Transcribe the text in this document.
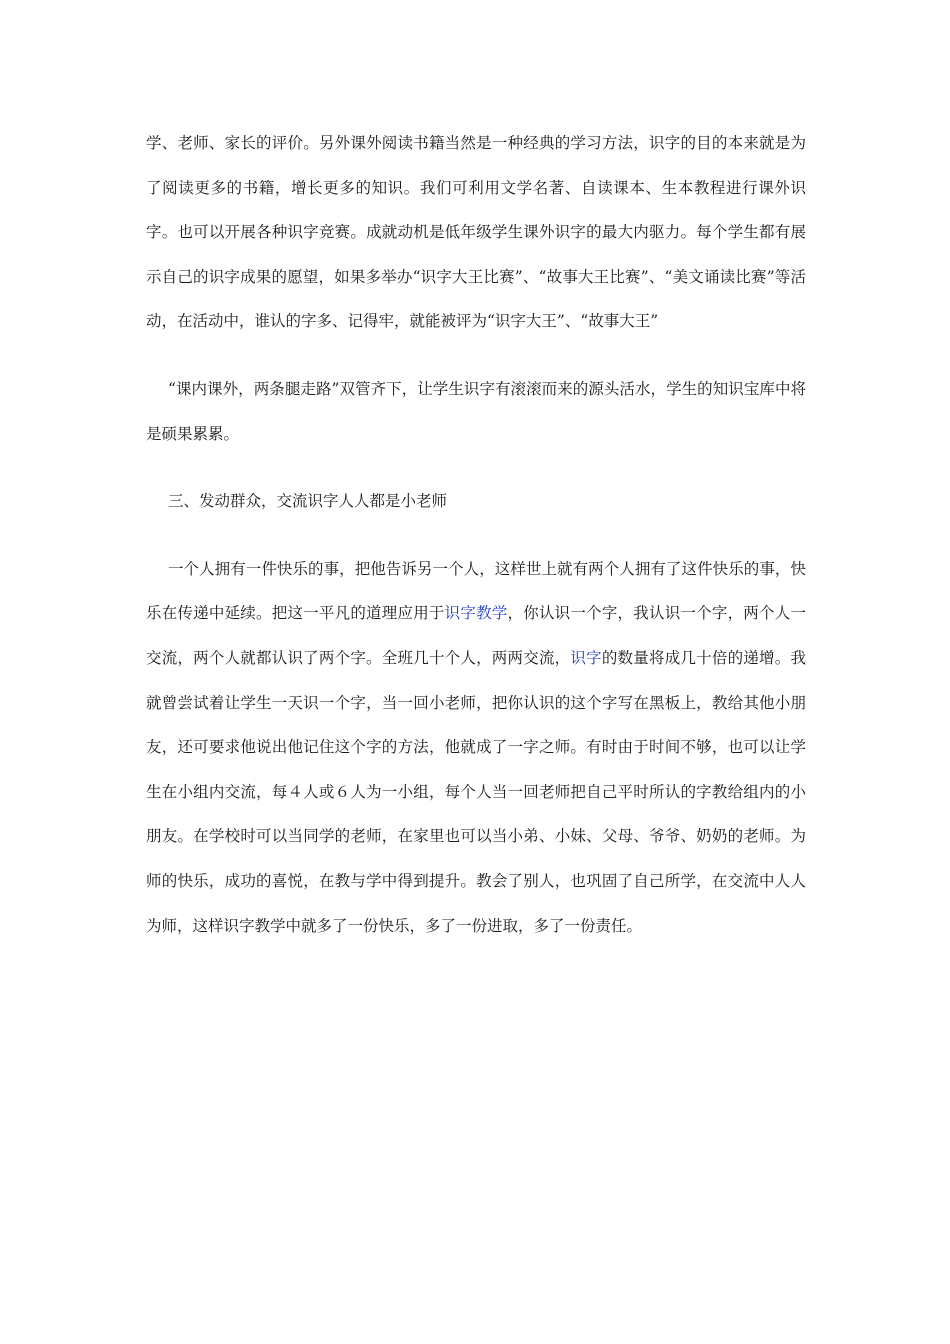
学、老师、家长的评价。另外课外阅读书籍当然是一种经典的学习方法，识字的目的本来就是为了阅读更多的书籍，增长更多的知识。我们可利用文学名著、自读课本、生本教程进行课外识字。也可以开展各种识字竞赛。成就动机是低年级学生课外识字的最大内驱力。每个学生都有展示自己的识字成果的愿望，如果多举办“识字大王比赛”、“故事大王比赛”、“美文诵读比赛”等活动，在活动中，谁认的字多、记得牢，就能被评为“识字大王”、“故事大王”

“课内课外，两条腿走路”双管齐下，让学生识字有滚滚而来的源头活水，学生的知识宝库中将是硕果累累。

三、发动群众，交流识字人人都是小老师

一个人拥有一件快乐的事，把他告诉另一个人，这样世上就有两个人拥有了这件快乐的事，快乐在传递中延续。把这一平凡的道理应用于识字教学，你认识一个字，我认识一个字，两个人一交流，两个人就都认识了两个字。全班几十个人，两两交流，识字的数量将成几十倍的递增。我就曾尝试着让学生一天识一个字，当一回小老师，把你认识的这个字写在黑板上，教给其他小朋友，还可要求他说出他记住这个字的方法，他就成了一字之师。有时由于时间不够，也可以让学生在小组内交流，每４人或６人为一小组，每个人当一回老师把自己平时所认的字教给组内的小朋友。在学校时可以当同学的老师，在家里也可以当小弟、小妹、父母、爷爷、奶奶的老师。为师的快乐，成功的喜悦，在教与学中得到提升。教会了别人，也巩固了自己所学，在交流中人人为师，这样识字教学中就多了一份快乐，多了一份进取，多了一份责任。
